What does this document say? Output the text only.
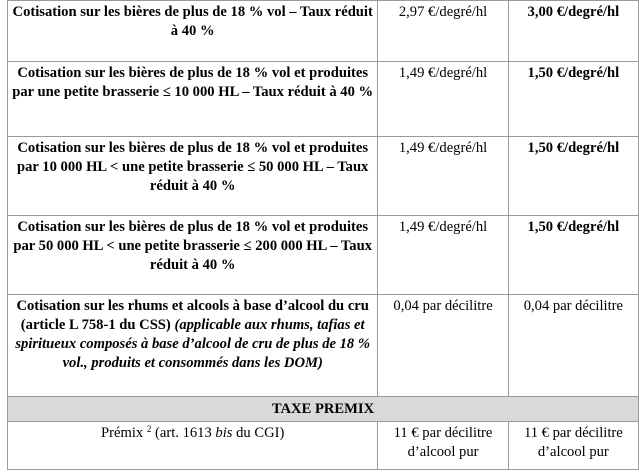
Cotisation sur les bières de plus de 18 % vol – Taux réduit à 40 %	2,97 €/degré/hl	3,00 €/degré/hl
Cotisation sur les bières de plus de 18 % vol et produites par une petite brasserie ≤ 10 000 HL – Taux réduit à 40 %	1,49 €/degré/hl	1,50 €/degré/hl
Cotisation sur les bières de plus de 18 % vol et produites par 10 000 HL < une petite brasserie ≤ 50 000 HL – Taux réduit à 40 %	1,49 €/degré/hl	1,50 €/degré/hl
Cotisation sur les bières de plus de 18 % vol et produites par 50 000 HL < une petite brasserie ≤ 200 000 HL – Taux réduit à 40 %	1,49 €/degré/hl	1,50 €/degré/hl
Cotisation sur les rhums et alcools à base d’alcool du cru (article L 758-1 du CSS) (applicable aux rhums, tafias et spiritueux composés à base d’alcool de cru de plus de 18 % vol., produits et consommés dans les DOM)	0,04 par décilitre	0,04 par décilitre
TAXE PREMIX		
Prémix $^2$ (art. 1613 bis du CGI)	11 € par décilitre d’alcool pur	11 € par décilitre d’alcool pur
